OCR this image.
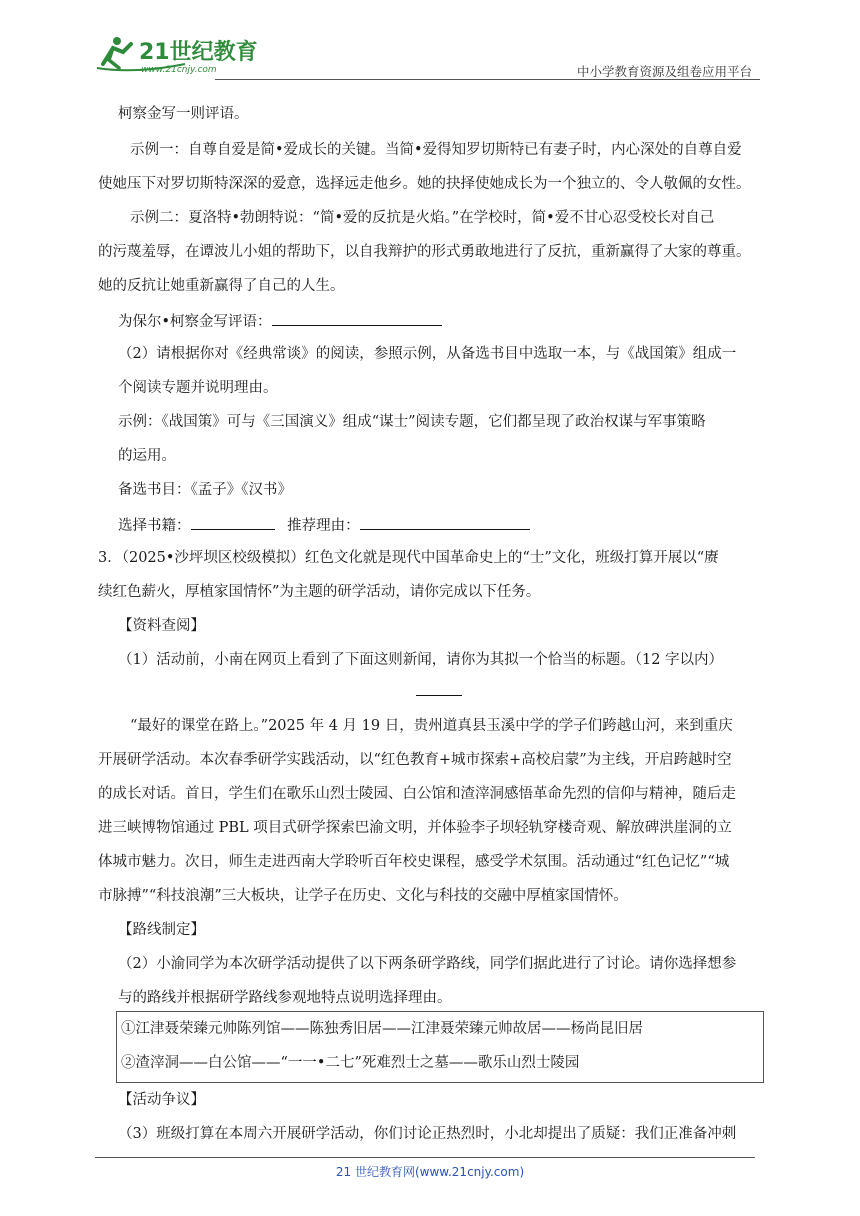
21世纪教育
www.21cnjy.com	中小学教育资源及组卷应用平台
柯察金写一则评语。
示例一：自尊自爱是简•爱成长的关键。当简•爱得知罗切斯特已有妻子时，内心深处的自尊自爱
使她压下对罗切斯特深深的爱意，选择远走他乡。她的抉择使她成长为一个独立的、令人敬佩的女性。
示例二：夏洛特•勃朗特说：“简•爱的反抗是火焰。”在学校时，简•爱不甘心忍受校长对自己
的污蔑羞辱，在谭波儿小姐的帮助下，以自我辩护的形式勇敢地进行了反抗，重新赢得了大家的尊重。
她的反抗让她重新赢得了自己的人生。
为保尔•柯察金写评语：
（2）请根据你对《经典常谈》的阅读，参照示例，从备选书目中选取一本，与《战国策》组成一
个阅读专题并说明理由。
示例：《战国策》可与《三国演义》组成“谋士”阅读专题，它们都呈现了政治权谋与军事策略
的运用。
备选书目：《孟子》《汉书》
选择书籍：	推荐理由：
3．（2025•沙坪坝区校级模拟）红色文化就是现代中国革命史上的“士”文化，班级打算开展以“赓
续红色薪火，厚植家国情怀”为主题的研学活动，请你完成以下任务。
【资料查阅】
（1）活动前，小南在网页上看到了下面这则新闻，请你为其拟一个恰当的标题。（12 字以内）
“最好的课堂在路上。”2025 年 4 月 19 日，贵州道真县玉溪中学的学子们跨越山河，来到重庆
开展研学活动。本次春季研学实践活动，以“红色教育+城市探索+高校启蒙”为主线，开启跨越时空
的成长对话。首日，学生们在歌乐山烈士陵园、白公馆和渣滓洞感悟革命先烈的信仰与精神，随后走
进三峡博物馆通过 PBL 项目式研学探索巴渝文明，并体验李子坝轻轨穿楼奇观、解放碑洪崖洞的立
体城市魅力。次日，师生走进西南大学聆听百年校史课程，感受学术氛围。活动通过“红色记忆”“城
市脉搏”“科技浪潮”三大板块，让学子在历史、文化与科技的交融中厚植家国情怀。
【路线制定】
（2）小渝同学为本次研学活动提供了以下两条研学路线，同学们据此进行了讨论。请你选择想参
与的路线并根据研学路线参观地特点说明选择理由。
①江津聂荣臻元帅陈列馆——陈独秀旧居——江津聂荣臻元帅故居——杨尚昆旧居
②渣滓洞——白公馆——“一一•二七”死难烈士之墓——歌乐山烈士陵园
【活动争议】
（3）班级打算在本周六开展研学活动，你们讨论正热烈时，小北却提出了质疑：我们正准备冲刺
21 世纪教育网(www.21cnjy.com)
